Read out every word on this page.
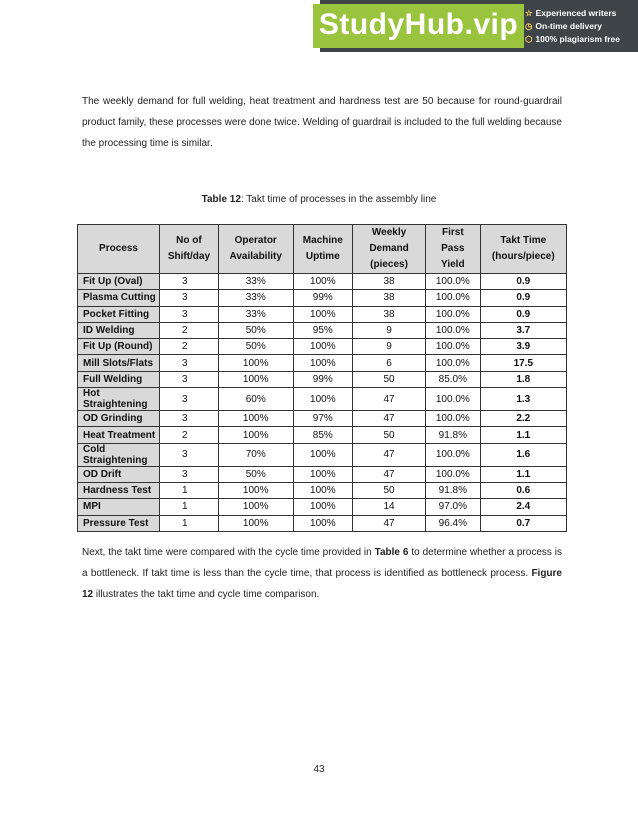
StudyHub.vip ☆ Experienced writers
◷ On-time delivery
⬡ 100% plagiarism free

The weekly demand for full welding, heat treatment and hardness test are 50 because for round-guardrail product family, these processes were done twice. Welding of guardrail is included to the full welding because the processing time is similar.

Table 12: Takt time of processes in the assembly line
Process	No of Shift/day	Operator Availability	Machine Uptime	Weekly Demand (pieces)	First Pass Yield	Takt Time (hours/piece)
Fit Up (Oval)	3	33%	100%	38	100.0%	0.9
Plasma Cutting	3	33%	99%	38	100.0%	0.9
Pocket Fitting	3	33%	100%	38	100.0%	0.9
ID Welding	2	50%	95%	9	100.0%	3.7
Fit Up (Round)	2	50%	100%	9	100.0%	3.9
Mill Slots/Flats	3	100%	100%	6	100.0%	17.5
Full Welding	3	100%	99%	50	85.0%	1.8
Hot Straightening	3	60%	100%	47	100.0%	1.3
OD Grinding	3	100%	97%	47	100.0%	2.2
Heat Treatment	2	100%	85%	50	91.8%	1.1
Cold Straightening	3	70%	100%	47	100.0%	1.6
OD Drift	3	50%	100%	47	100.0%	1.1
Hardness Test	1	100%	100%	50	91.8%	0.6
MPI	1	100%	100%	14	97.0%	2.4
Pressure Test	1	100%	100%	47	96.4%	0.7

Next, the takt time were compared with the cycle time provided in Table 6 to determine whether a process is a bottleneck. If takt time is less than the cycle time, that process is identified as bottleneck process. Figure 12 illustrates the takt time and cycle time comparison.

43
